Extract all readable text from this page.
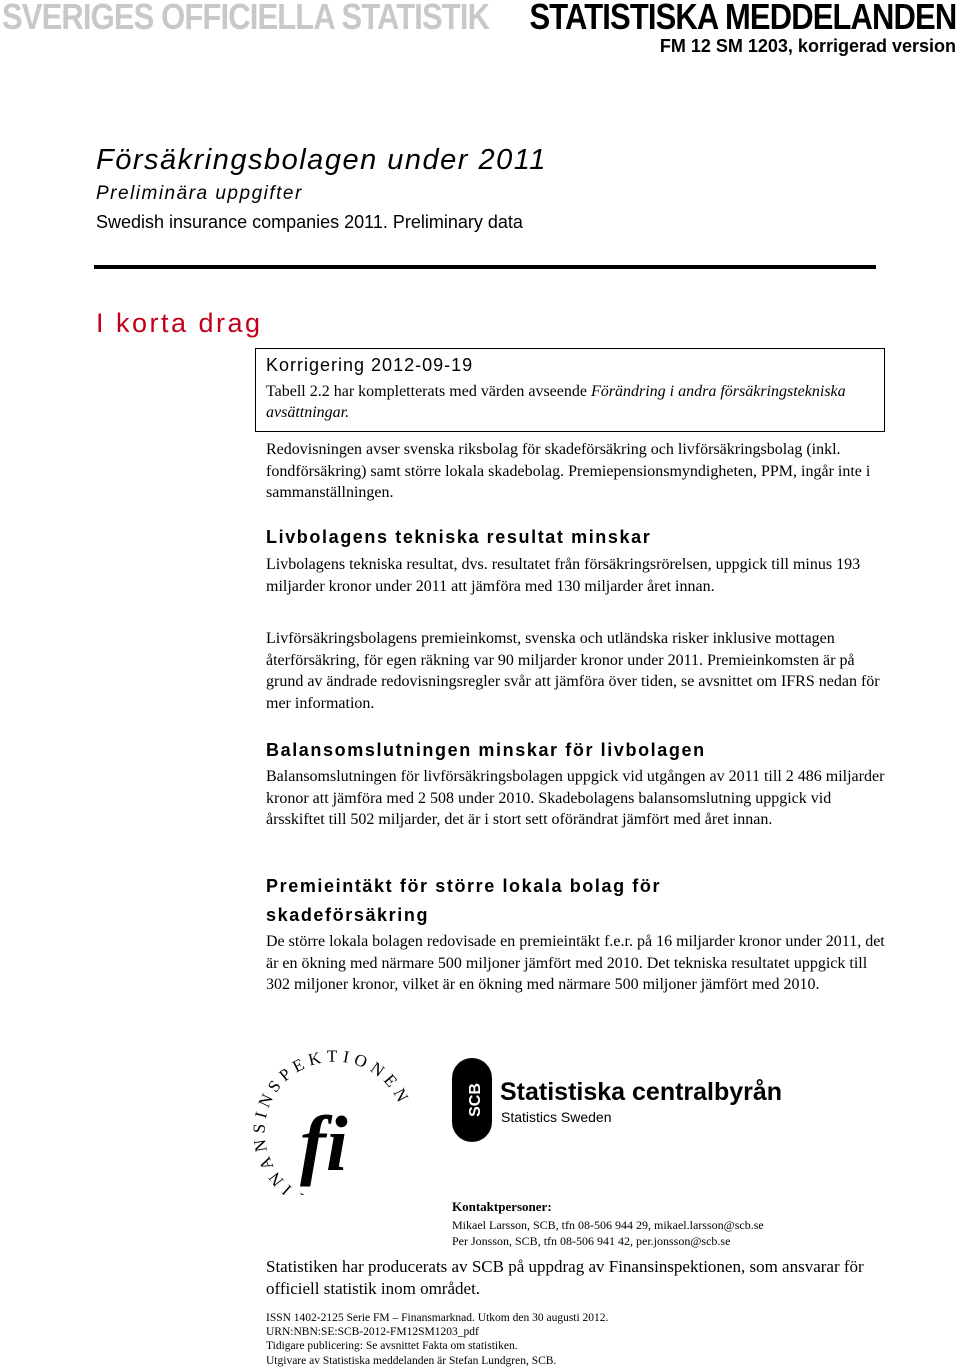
SVERIGES OFFICIELLA STATISTIK STATISTISKA MEDDELANDEN
FM 12 SM 1203, korrigerad version
Försäkringsbolagen under 2011
Preliminära uppgifter
Swedish insurance companies 2011. Preliminary data
I korta drag
Korrigering 2012-09-19
Tabell 2.2 har kompletterats med värden avseende Förändring i andra försäkringstekniska avsättningar.
Redovisningen avser svenska riksbolag för skadeförsäkring och livförsäkringsbolag (inkl. fondförsäkring) samt större lokala skadebolag. Premiepensionsmyndigheten, PPM, ingår inte i sammanställningen.
Livbolagens tekniska resultat minskar
Livbolagens tekniska resultat, dvs. resultatet från försäkringsrörelsen, uppgick till minus 193 miljarder kronor under 2011 att jämföra med 130 miljarder året innan.
Livförsäkringsbolagens premieinkomst, svenska och utländska risker inklusive mottagen återförsäkring, för egen räkning var 90 miljarder kronor under 2011. Premieinkomsten är på grund av ändrade redovisningsregler svår att jämföra över tiden, se avsnittet om IFRS nedan för mer information.
Balansomslutningen minskar för livbolagen
Balansomslutningen för livförsäkringsbolagen uppgick vid utgången av 2011 till 2 486 miljarder kronor att jämföra med 2 508 under 2010. Skadebolagens balansomslutning uppgick vid årsskiftet till 502 miljarder, det är i stort sett oförändrat jämfört med året innan.
Premieintäkt för större lokala bolag för
skadeförsäkring
De större lokala bolagen redovisade en premieintäkt f.e.r. på 16 miljarder kronor under 2011, det är en ökning med närmare 500 miljoner jämfört med 2010. Det tekniska resultatet uppgick till 302 miljoner kronor, vilket är en ökning med närmare 500 miljoner jämfört med 2010.
INANSINSPEKTIONE
fi	SCB Statistiska centralbyrån
Statistics Sweden
Kontaktpersoner:
Mikael Larsson, SCB, tfn 08-506 944 29, mikael.larsson@scb.se
Per Jonsson, SCB, tfn 08-506 941 42, per.jonsson@scb.se
Statistiken har producerats av SCB på uppdrag av Finansinspektionen, som ansvarar för officiell statistik inom området.
ISSN 1402-2125 Serie FM – Finansmarknad. Utkom den 30 augusti 2012.
URN:NBN:SE:SCB-2012-FM12SM1203_pdf
Tidigare publicering: Se avsnittet Fakta om statistiken.
Utgivare av Statistiska meddelanden är Stefan Lundgren, SCB.
